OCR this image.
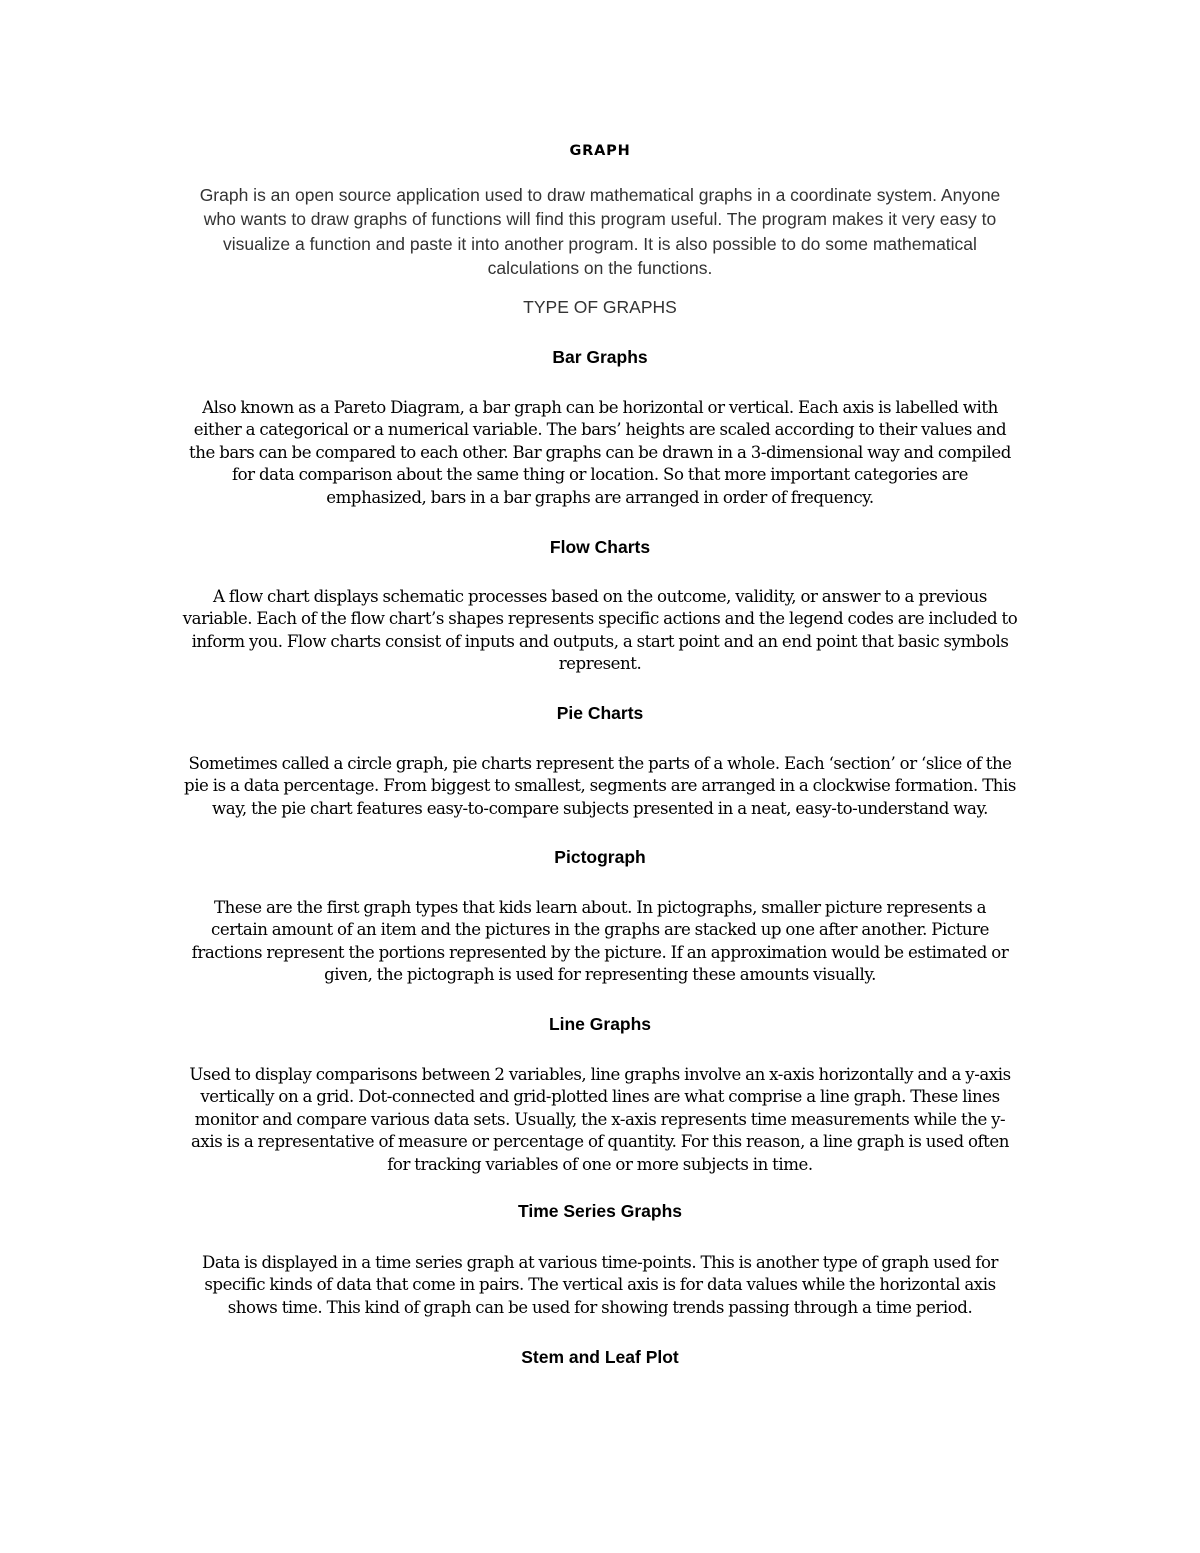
GRAPH
Graph is an open source application used to draw mathematical graphs in a coordinate system. Anyone
who wants to draw graphs of functions will find this program useful. The program makes it very easy to
visualize a function and paste it into another program. It is also possible to do some mathematical
calculations on the functions.
TYPE OF GRAPHS
Bar Graphs
Also known as a Pareto Diagram, a bar graph can be horizontal or vertical. Each axis is labelled with
either a categorical or a numerical variable. The bars’ heights are scaled according to their values and
the bars can be compared to each other. Bar graphs can be drawn in a 3-dimensional way and compiled
for data comparison about the same thing or location. So that more important categories are
emphasized, bars in a bar graphs are arranged in order of frequency.
Flow Charts
A flow chart displays schematic processes based on the outcome, validity, or answer to a previous
variable. Each of the flow chart’s shapes represents specific actions and the legend codes are included to
inform you. Flow charts consist of inputs and outputs, a start point and an end point that basic symbols
represent.
Pie Charts
Sometimes called a circle graph, pie charts represent the parts of a whole. Each ‘section’ or ‘slice of the
pie is a data percentage. From biggest to smallest, segments are arranged in a clockwise formation. This
way, the pie chart features easy-to-compare subjects presented in a neat, easy-to-understand way.
Pictograph
These are the first graph types that kids learn about. In pictographs, smaller picture represents a
certain amount of an item and the pictures in the graphs are stacked up one after another. Picture
fractions represent the portions represented by the picture. If an approximation would be estimated or
given, the pictograph is used for representing these amounts visually.
Line Graphs
Used to display comparisons between 2 variables, line graphs involve an x-axis horizontally and a y-axis
vertically on a grid. Dot-connected and grid-plotted lines are what comprise a line graph. These lines
monitor and compare various data sets. Usually, the x-axis represents time measurements while the y-
axis is a representative of measure or percentage of quantity. For this reason, a line graph is used often
for tracking variables of one or more subjects in time.
Time Series Graphs
Data is displayed in a time series graph at various time-points. This is another type of graph used for
specific kinds of data that come in pairs. The vertical axis is for data values while the horizontal axis
shows time. This kind of graph can be used for showing trends passing through a time period.
Stem and Leaf Plot
